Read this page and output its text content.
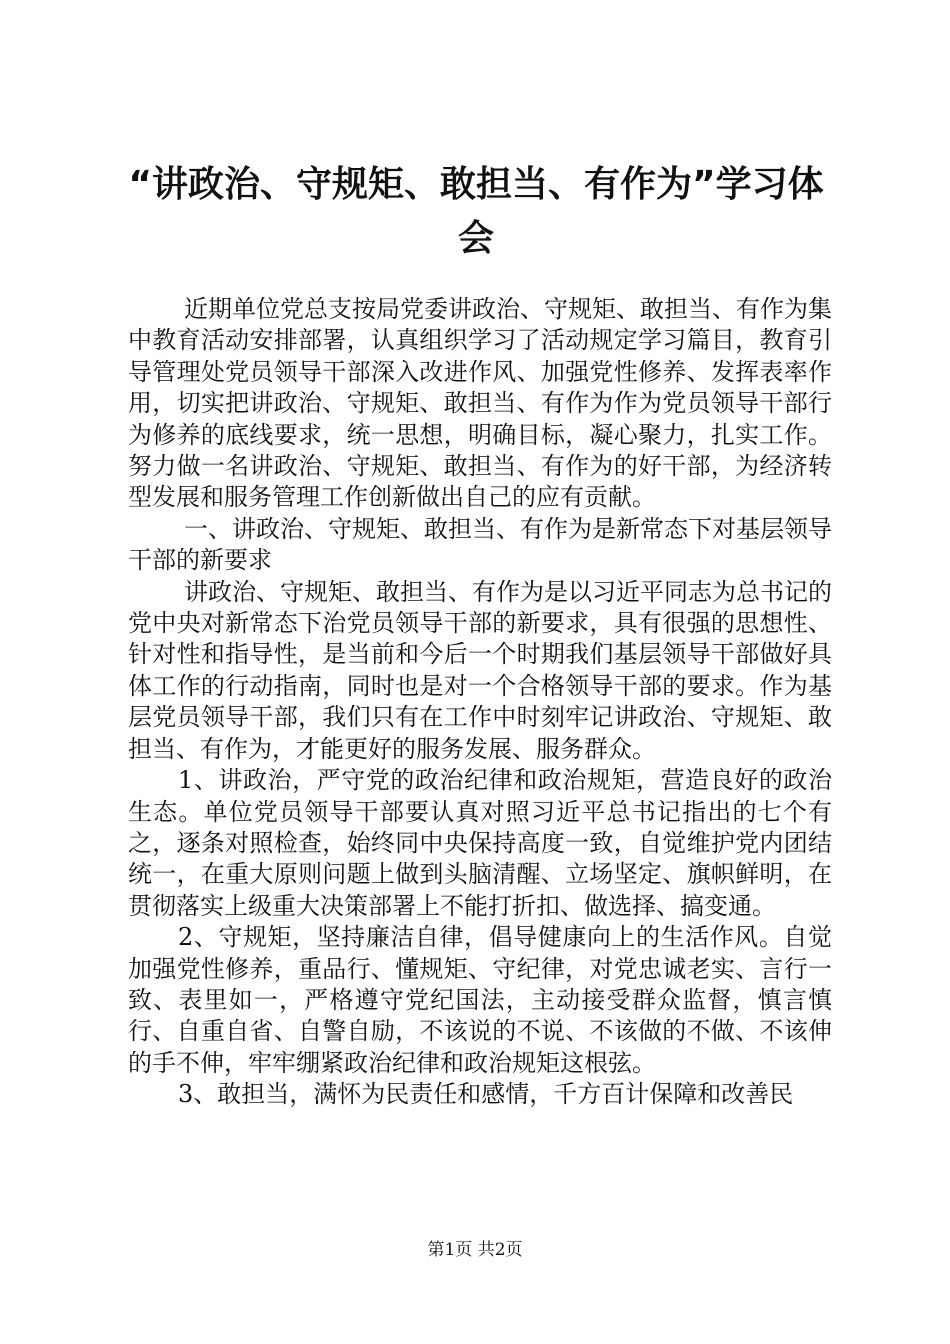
“讲政治、守规矩、敢担当、有作为”学习体
会

近期单位党总支按局党委讲政治、守规矩、敢担当、有作为集中教育活动安排部署，认真组织学习了活动规定学习篇目，教育引导管理处党员领导干部深入改进作风、加强党性修养、发挥表率作用，切实把讲政治、守规矩、敢担当、有作为作为党员领导干部行为修养的底线要求，统一思想，明确目标，凝心聚力，扎实工作。努力做一名讲政治、守规矩、敢担当、有作为的好干部，为经济转型发展和服务管理工作创新做出自己的应有贡献。

一、讲政治、守规矩、敢担当、有作为是新常态下对基层领导干部的新要求

讲政治、守规矩、敢担当、有作为是以习近平同志为总书记的党中央对新常态下治党员领导干部的新要求，具有很强的思想性、针对性和指导性，是当前和今后一个时期我们基层领导干部做好具体工作的行动指南，同时也是对一个合格领导干部的要求。作为基层党员领导干部，我们只有在工作中时刻牢记讲政治、守规矩、敢担当、有作为，才能更好的服务发展、服务群众。

1、讲政治，严守党的政治纪律和政治规矩，营造良好的政治生态。单位党员领导干部要认真对照习近平总书记指出的七个有之，逐条对照检查，始终同中央保持高度一致，自觉维护党内团结统一，在重大原则问题上做到头脑清醒、立场坚定、旗帜鲜明，在贯彻落实上级重大决策部署上不能打折扣、做选择、搞变通。

2、守规矩，坚持廉洁自律，倡导健康向上的生活作风。自觉加强党性修养，重品行、懂规矩、守纪律，对党忠诚老实、言行一致、表里如一，严格遵守党纪国法，主动接受群众监督，慎言慎行、自重自省、自警自励，不该说的不说、不该做的不做、不该伸的手不伸，牢牢绷紧政治纪律和政治规矩这根弦。

3、敢担当，满怀为民责任和感情，千方百计保障和改善民

第1页 共2页
